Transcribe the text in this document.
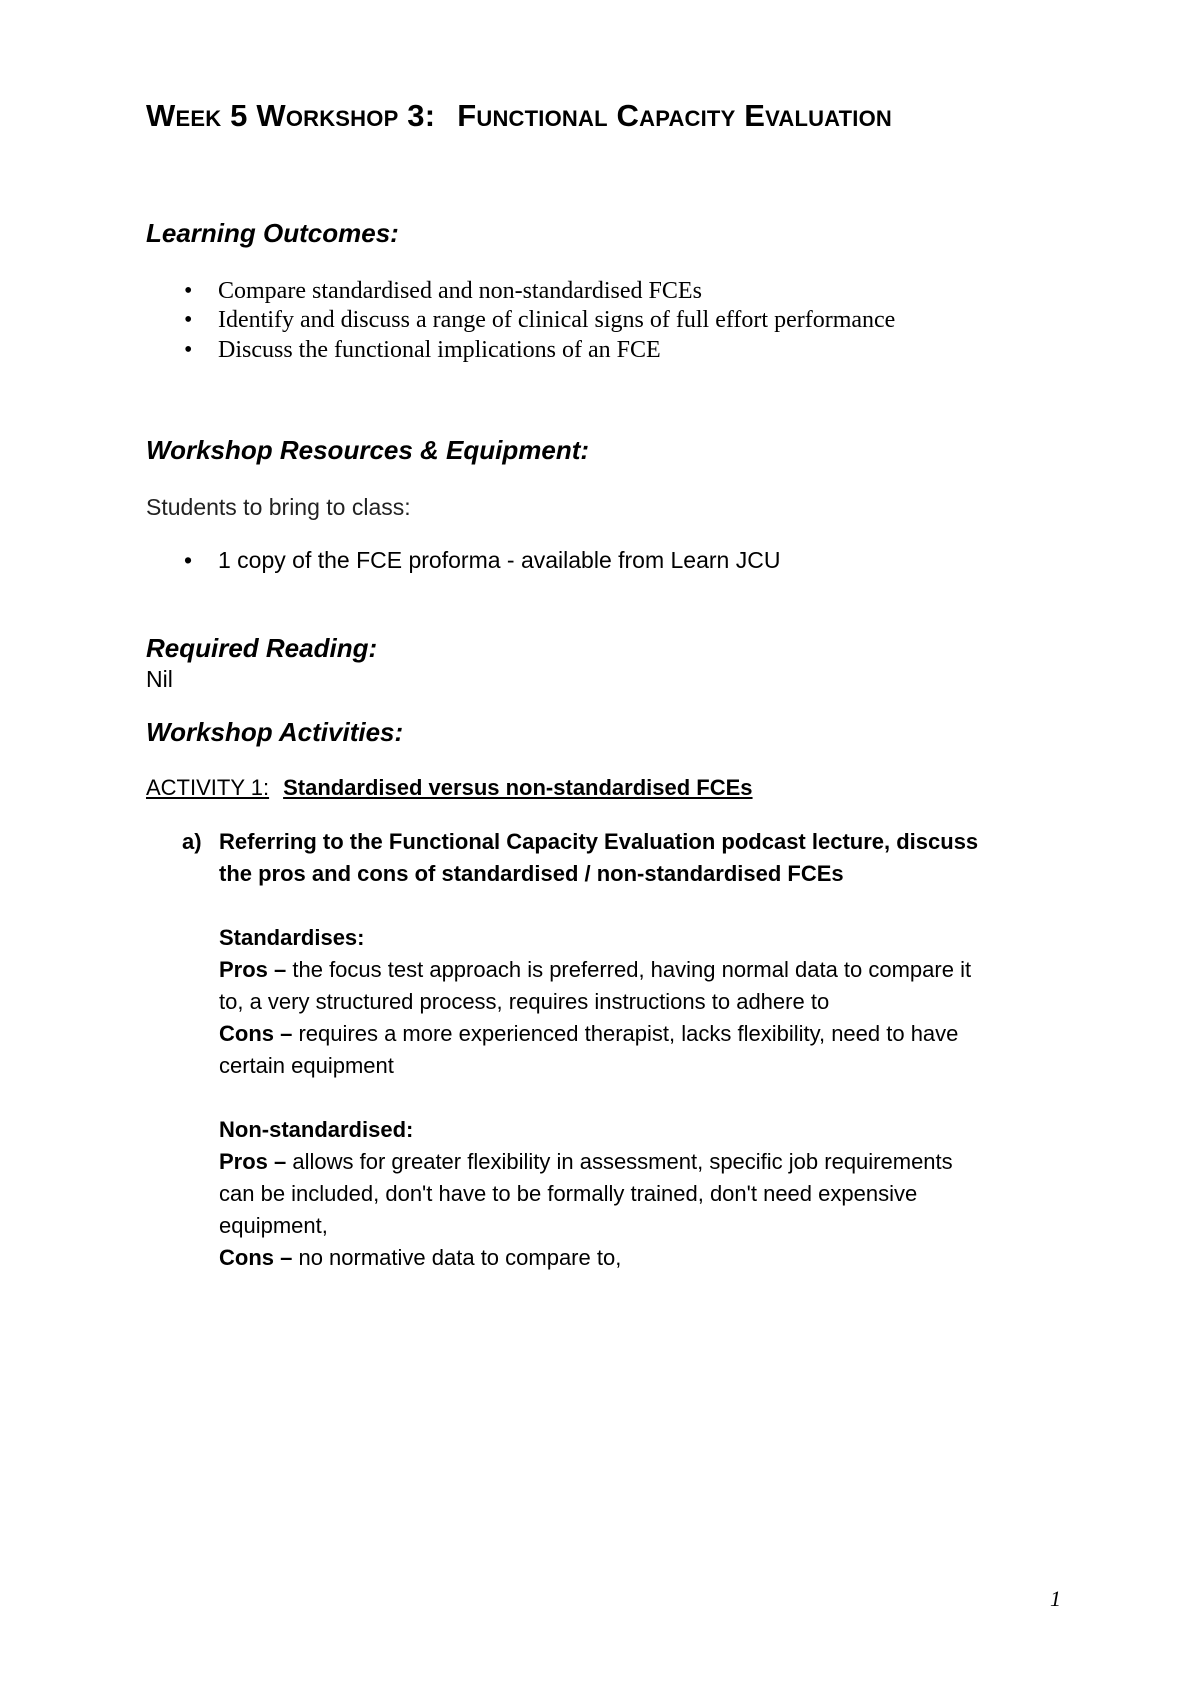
Week 5 Workshop 3: Functional Capacity Evaluation
Learning Outcomes:
• Compare standardised and non-standardised FCEs
• Identify and discuss a range of clinical signs of full effort performance
• Discuss the functional implications of an FCE
Workshop Resources & Equipment:
Students to bring to class:
• 1 copy of the FCE proforma - available from Learn JCU
Required Reading:
Nil
Workshop Activities:
ACTIVITY 1: Standardised versus non-standardised FCEs
a) Referring to the Functional Capacity Evaluation podcast lecture, discuss
the pros and cons of standardised / non-standardised FCEs
Standardises:
Pros – the focus test approach is preferred, having normal data to compare it
to, a very structured process, requires instructions to adhere to
Cons – requires a more experienced therapist, lacks flexibility, need to have
certain equipment
Non-standardised:
Pros – allows for greater flexibility in assessment, specific job requirements
can be included, don't have to be formally trained, don't need expensive
equipment,
Cons – no normative data to compare to,
1
